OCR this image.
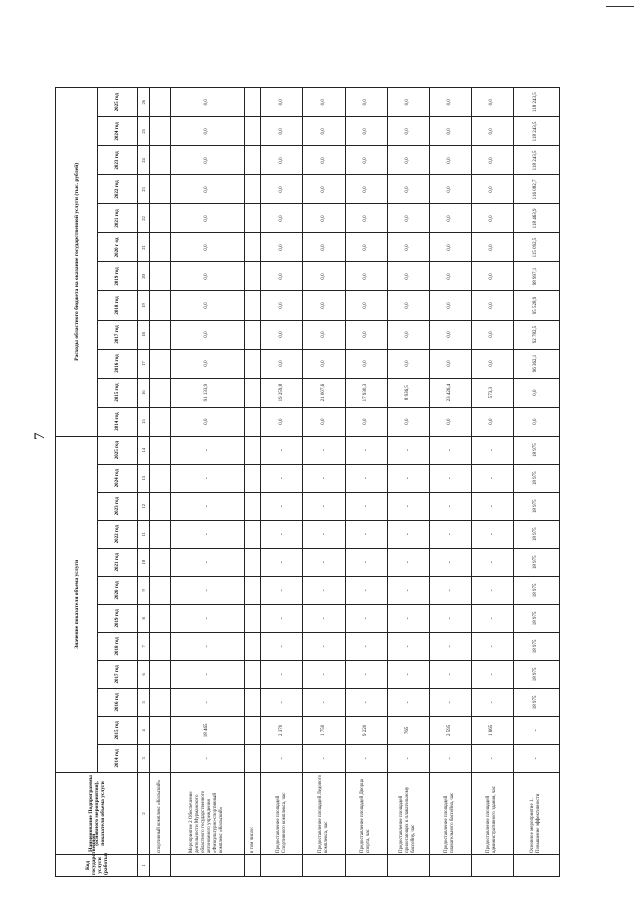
7
Код государственной услуги (работы)	Наименование Подпрограммы (основного мероприятия), показателя объема услуги	Значение показателя объема услуги												Расходы областного бюджета на оказание государственной услуги (тыс. рублей)											
		2014 год	2015 год	2016 год	2017 год	2018 год	2019 год	2020 год	2021 год	2022 год	2023 год	2024 год	2025 год	2014 год	2015 год	2016 год	2017 год	2018 год	2019 год	2020 г од	2021 год	2022 год	2023 год	2024 год	2025 год
1	2	3	4	5	6	7	8	9	10	11	12	13	14	15	16	17	18	19	20	21	22	23	24	25	26
	спортивный комплекс «Кольский»																								
	Мероприятие 2 Обеспечение деятельности Мурманского областного государственного автономного учреждения «Физкультурно-спортивный комплекс «Кольский»	-	18 465	-	-	-	-	-	-	-	-	-	-	0,0	91 133,9	0,0	0,0	0,0	0,0	0,0	0,0	0,0	0,0	0,0	0,0
	в том числе:																								
	Предоставление площадей Спортивного комплекса, час	-	2 370	-	-	-	-	-	-	-	-	-	-	0,0	19 259,8	0,0	0,0	0,0	0,0	0,0	0,0	0,0	0,0	0,0	0,0
	Предоставление площадей Ледового комплекса, час	-	1 750	-	-	-	-	-	-	-	-	-	-	0,0	21 007,6	0,0	0,0	0,0	0,0	0,0	0,0	0,0	0,0	0,0	0,0
	Предоставление площадей Дворца спорта, час	-	9 220	-	-	-	-	-	-	-	-	-	-	0,0	17 930,3	0,0	0,0	0,0	0,0	0,0	0,0	0,0	0,0	0,0	0,0
	Предоставление площадей прилегающих к плавательному бассейну, час	-	765	-	-	-	-	-	-	-	-	-	-	0,0	8 936,5	0,0	0,0	0,0	0,0	0,0	0,0	0,0	0,0	0,0	0,0
	Предоставление площадей плавательного бассейна, час	-	2 595	-	-	-	-	-	-	-	-	-	-	0,0	23 426,4	0,0	0,0	0,0	0,0	0,0	0,0	0,0	0,0	0,0	0,0
	Предоставление площадей административного здания, час	-	1 665	-	-	-	-	-	-	-	-	-	-	0,0	573,3	0,0	0,0	0,0	0,0	0,0	0,0	0,0	0,0	0,0	0,0
	Основное мероприятие 1. Повышение эффективности	-	-	18 975	18 975	18 975	18 975	18 975	18 975	18 975	18 975	18 975	18 975	0,0	0,0	96 362,1	92 782,5	95 528,9	98 997,1	115 092,5	118 463,9	116 082,7	118 243,5	118 243,5	118 243,5
